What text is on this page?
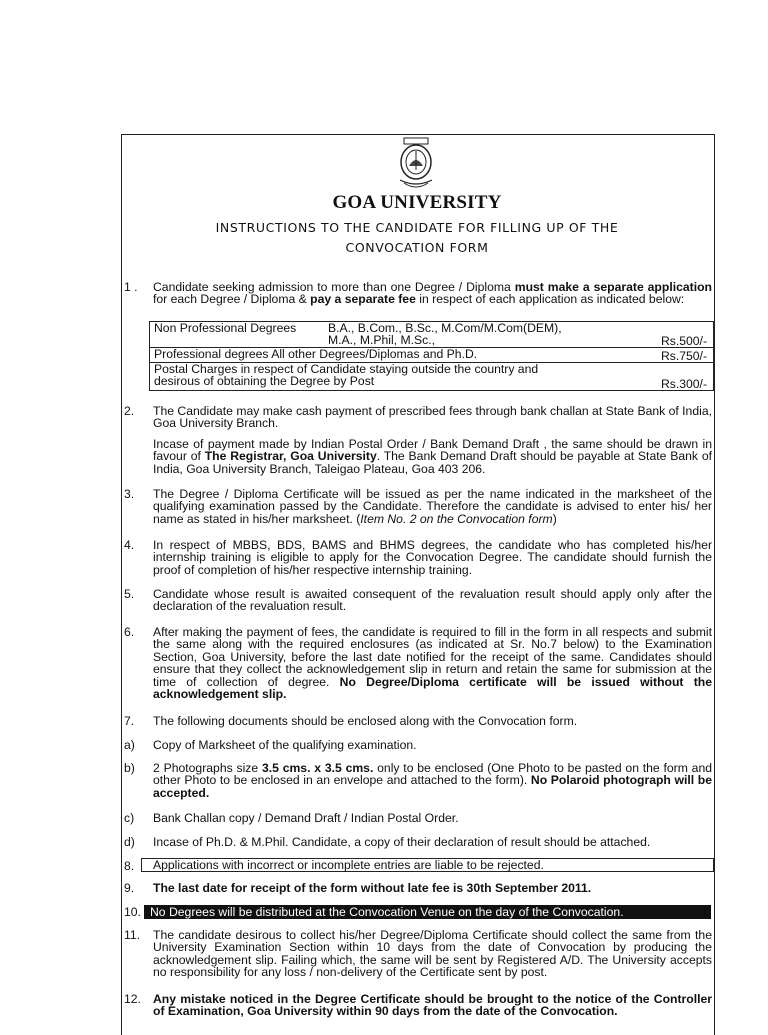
GOA UNIVERSITY
INSTRUCTIONS TO THE CANDIDATE FOR FILLING UP OF THE
CONVOCATION FORM
1 .	Candidate seeking admission to more than one Degree / Diploma must make a separate application for each Degree / Diploma & pay a separate fee in respect of each application as indicated below:
Non Professional Degrees	B.A., B.Com., B.Sc., M.Com/M.Com(DEM),
M.A., M.Phil, M.Sc.,	Rs.500/-
Professional degrees All other Degrees/Diplomas and Ph.D.	Rs.750/-
Postal Charges in respect of Candidate staying outside the country and
desirous of obtaining the Degree by Post	Rs.300/-
2.	The Candidate may make cash payment of prescribed fees through bank challan at State Bank of India, Goa University Branch.
Incase of payment made by Indian Postal Order / Bank Demand Draft , the same should be drawn in favour of The Registrar, Goa University. The Bank Demand Draft should be payable at State Bank of India, Goa University Branch, Taleigao Plateau, Goa 403 206.
3.	The Degree / Diploma Certificate will be issued as per the name indicated in the marksheet of the qualifying examination passed by the Candidate. Therefore the candidate is advised to enter his/ her name as stated in his/her marksheet. (Item No. 2 on the Convocation form)
4.	In respect of MBBS, BDS, BAMS and BHMS degrees, the candidate who has completed his/her internship training is eligible to apply for the Convocation Degree. The candidate should furnish the proof of completion of his/her respective internship training.
5.	Candidate whose result is awaited consequent of the revaluation result should apply only after the declaration of the revaluation result.
6.	After making the payment of fees, the candidate is required to fill in the form in all respects and submit the same along with the required enclosures (as indicated at Sr. No.7 below) to the Examination Section, Goa University, before the last date notified for the receipt of the same. Candidates should ensure that they collect the acknowledgement slip in return and retain the same for submission at the time of collection of degree. No Degree/Diploma certificate will be issued without the acknowledgement slip.
7.	The following documents should be enclosed along with the Convocation form.
a)	Copy of Marksheet of the qualifying examination.
b)	2 Photographs size 3.5 cms. x 3.5 cms. only to be enclosed (One Photo to be pasted on the form and other Photo to be enclosed in an envelope and attached to the form). No Polaroid photograph will be accepted.
c)	Bank Challan copy / Demand Draft / Indian Postal Order.
d)	Incase of Ph.D. & M.Phil. Candidate, a copy of their declaration of result should be attached.
8.	Applications with incorrect or incomplete entries are liable to be rejected.
9.	The last date for receipt of the form without late fee is 30th September 2011.
10. No Degrees will be distributed at the Convocation Venue on the day of the Convocation.
11.	The candidate desirous to collect his/her Degree/Diploma Certificate should collect the same from the University Examination Section within 10 days from the date of Convocation by producing the acknowledgement slip. Failing which, the same will be sent by Registered A/D. The University accepts no responsibility for any loss / non-delivery of the Certificate sent by post.
12. Any mistake noticed in the Degree Certificate should be brought to the notice of the Controller of Examination, Goa University within 90 days from the date of the Convocation.
